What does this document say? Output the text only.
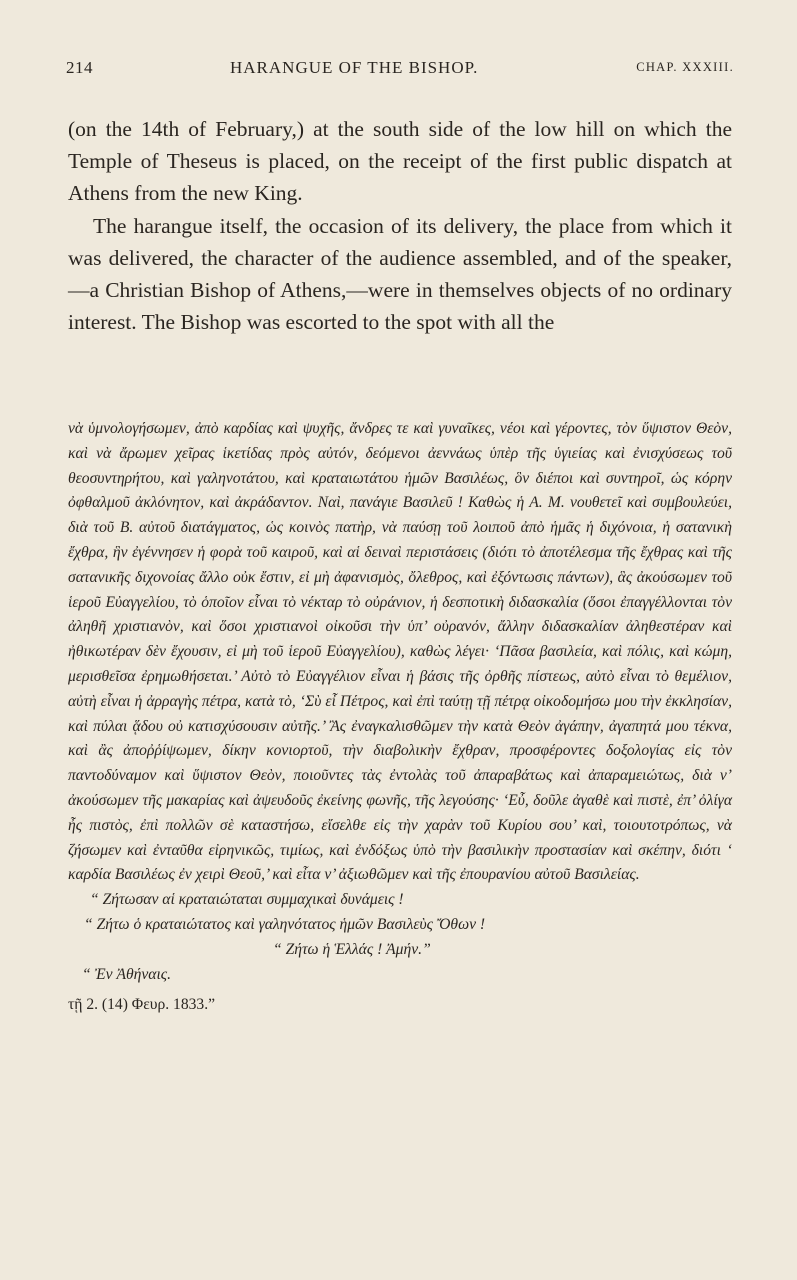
214	HARANGUE OF THE BISHOP.	CHAP. XXXIII.

(on the 14th of February,) at the south side of the low hill on which the Temple of Theseus is placed, on the receipt of the first public dispatch at Athens from the new King.

The harangue itself, the occasion of its delivery, the place from which it was delivered, the character of the audience assembled, and of the speaker,—a Christian Bishop of Athens,—were in themselves objects of no ordinary interest. The Bishop was escorted to the spot with all the

νὰ ὑμνολογήσωμεν, ἀπὸ καρδίας καὶ ψυχῆς, ἄνδρες τε καὶ γυναῖκες, νέοι καὶ γέροντες, τὸν ὕψιστον Θεὸν, καὶ νὰ ἄρωμεν χεῖρας ἱκετίδας πρὸς αὐτόν, δεόμενοι ἀεννάως ὑπὲρ τῆς ὑγιείας καὶ ἐνισχύσεως τοῦ θεοσυντηρήτου, καὶ γαληνοτάτου, καὶ κραταιωτάτου ἡμῶν Βασιλέως, ὃν διέποι καὶ συντηροῖ, ὡς κόρην ὀφθαλμοῦ ἀκλόνητον, καὶ ἀκράδαντον. Ναὶ, πανάγιε Βασιλεῦ ! Καθὼς ἡ Α. Μ. νουθετεῖ καὶ συμβουλεύει, διὰ τοῦ Β. αὐτοῦ διατάγματος, ὡς κοινὸς πατὴρ, νὰ παύσῃ τοῦ λοιποῦ ἀπὸ ἡμᾶς ἡ διχόνοια, ἡ σατανικὴ ἔχθρα, ἣν ἐγέννησεν ἡ φορὰ τοῦ καιροῦ, καὶ αἱ δειναὶ περιστάσεις (διότι τὸ ἀποτέλεσμα τῆς ἔχθρας καὶ τῆς σατανικῆς διχονοίας ἄλλο οὐκ ἔστιν, εἰ μὴ ἀφανισμὸς, ὄλεθρος, καὶ ἐξόντωσις πάντων), ἃς ἀκούσωμεν τοῦ ἱεροῦ Εὐαγγελίου, τὸ ὁποῖον εἶναι τὸ νέκταρ τὸ οὐράνιον, ἡ δεσποτικὴ διδασκαλία (ὅσοι ἐπαγγέλλονται τὸν ἀληθῆ χριστιανὸν, καὶ ὅσοι χριστιανοὶ οἰκοῦσι τὴν ὑπ’ οὐρανόν, ἄλλην διδασκαλίαν ἀληθεστέραν καὶ ἠθικωτέραν δὲν ἔχουσιν, εἰ μὴ τοῦ ἱεροῦ Εὐαγγελίου), καθὼς λέγει· ‘Πᾶσα βασιλεία, καὶ πόλις, καὶ κώμη, μερισθεῖσα ἐρημωθήσεται.’ Αὐτὸ τὸ Εὐαγγέλιον εἶναι ἡ βάσις τῆς ὀρθῆς πίστεως, αὐτὸ εἶναι τὸ θεμέλιον, αὐτὴ εἶναι ἡ ἀρραγὴς πέτρα, κατὰ τὸ, ‘Σὺ εἶ Πέτρος, καὶ ἐπὶ ταύτῃ τῇ πέτρᾳ οἰκοδομήσω μου τὴν ἐκκλησίαν, καὶ πύλαι ᾅδου οὐ κατισχύσουσιν αὐτῆς.’ Ἂς ἐναγκαλισθῶμεν τὴν κατὰ Θεὸν ἀγάπην, ἀγαπητά μου τέκνα, καὶ ἂς ἀποῤῥίψωμεν, δίκην κονιορτοῦ, τὴν διαβολικὴν ἔχθραν, προσφέροντες δοξολογίας εἰς τὸν παντοδύναμον καὶ ὕψιστον Θεὸν, ποιοῦντες τὰς ἐντολὰς τοῦ ἀπαραβάτως καὶ ἀπαραμειώτως, διὰ ν’ ἀκούσωμεν τῆς μακαρίας καὶ ἀψευδοῦς ἐκείνης φωνῆς, τῆς λεγούσης· ‘Εὖ, δοῦλε ἀγαθὲ καὶ πιστὲ, ἐπ’ ὀλίγα ἦς πιστὸς, ἐπὶ πολλῶν σὲ καταστήσω, εἴσελθε εἰς τὴν χαρὰν τοῦ Κυρίου σου’ καὶ, τοιουτοτρόπως, νὰ ζήσωμεν καὶ ἐνταῦθα εἰρηνικῶς, τιμίως, καὶ ἐνδόξως ὑπὸ τὴν βασιλικὴν προστασίαν καὶ σκέπην, διότι ‘ καρδία Βασιλέως ἐν χειρὶ Θεοῦ,’ καὶ εἶτα ν’ ἀξιωθῶμεν καὶ τῆς ἐπουρανίου αὐτοῦ Βασιλείας.

“ Ζήτωσαν αἱ κραταιώταται συμμαχικαὶ δυνάμεις !

“ Ζήτω ὁ κραταιώτατος καὶ γαληνότατος ἡμῶν Βασιλεὺς Ὄθων !

“ Ζήτω ἡ Ἑλλάς ! Ἀμήν.”

“ Ἐν Ἀθήναις.

τῇ 2. (14) Φευρ. 1833.”
